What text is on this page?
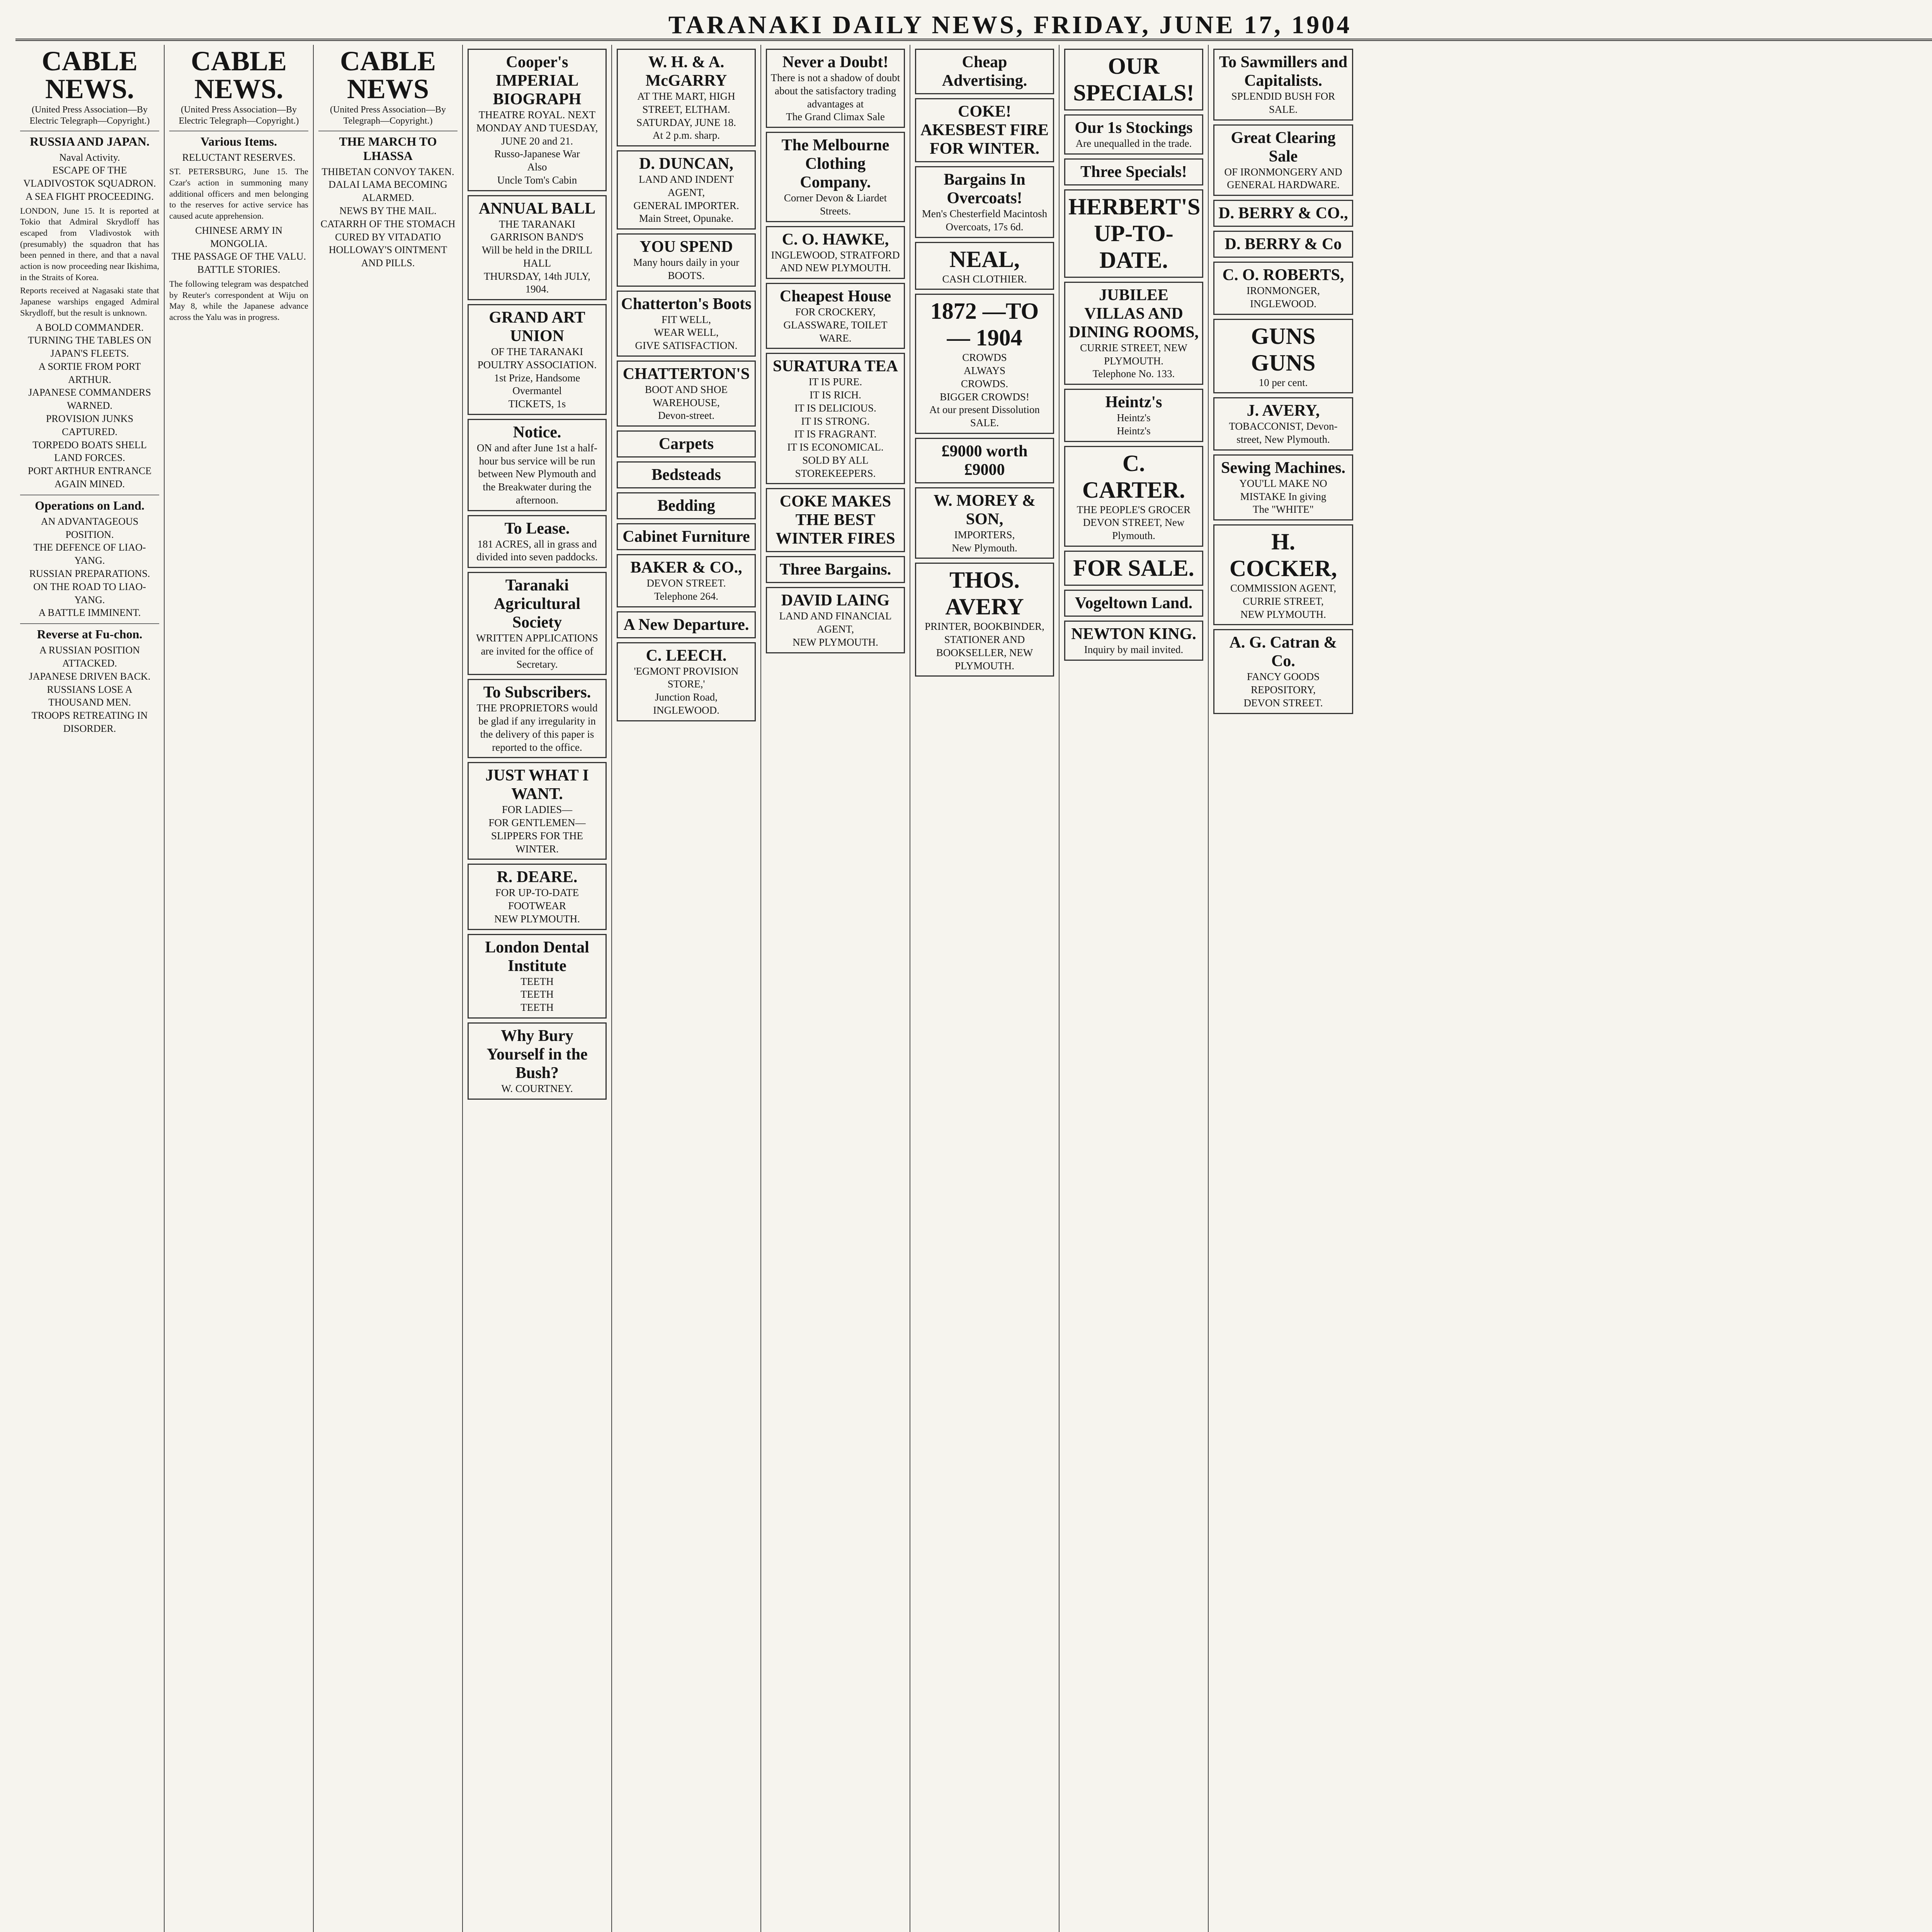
TARANAKI DAILY NEWS, FRIDAY, JUNE 17, 1904
CABLE NEWS.
(United Press Association—By Electric Telegraph—Copyright.)
RUSSIA AND JAPAN.
Naval Activity.
ESCAPE OF THE VLADIVOSTOK SQUADRON.
A SEA FIGHT PROCEEDING.
LONDON, June 15. It is reported at Tokio that Admiral Skrydloff has escaped from Vladivostok with (presumably) the squadron that has been penned in there, and that a naval action is now proceeding near Ikishima, in the Straits of Korea.
Reports received at Nagasaki state that Japanese warships engaged Admiral Skrydloff, but the result is unknown.
A BOLD COMMANDER.
TURNING THE TABLES ON JAPAN'S FLEETS.
A SORTIE FROM PORT ARTHUR.
JAPANESE COMMANDERS WARNED.
PROVISION JUNKS CAPTURED.
TORPEDO BOATS SHELL LAND FORCES.
PORT ARTHUR ENTRANCE AGAIN MINED.
Operations on Land.
AN ADVANTAGEOUS POSITION.
THE DEFENCE OF LIAO-YANG.
RUSSIAN PREPARATIONS.
ON THE ROAD TO LIAO-YANG.
A BATTLE IMMINENT.
Reverse at Fu-chon.
A RUSSIAN POSITION ATTACKED.
JAPANESE DRIVEN BACK.
RUSSIANS LOSE A THOUSAND MEN.
TROOPS RETREATING IN DISORDER.
CABLE NEWS.
(United Press Association—By Electric Telegraph—Copyright.)
Various Items.
RELUCTANT RESERVES.
ST. PETERSBURG, June 15. The Czar's action in summoning many additional officers and men belonging to the reserves for active service has caused acute apprehension.
CHINESE ARMY IN MONGOLIA.
THE PASSAGE OF THE VALU.
BATTLE STORIES.
The following telegram was despatched by Reuter's correspondent at Wiju on May 8, while the Japanese advance across the Yalu was in progress.
CABLE NEWS
(United Press Association—By Telegraph—Copyright.)
THE MARCH TO LHASSA
THIBETAN CONVOY TAKEN.
DALAI LAMA BECOMING ALARMED.
NEWS BY THE MAIL.
CATARRH OF THE STOMACH CURED BY VITADATIO
HOLLOWAY'S OINTMENT AND PILLS.
Cooper's IMPERIAL BIOGRAPH
THEATRE ROYAL. NEXT MONDAY AND TUESDAY, JUNE 20 and 21.
Russo-Japanese War
Also
Uncle Tom's Cabin
ANNUAL BALL
THE TARANAKI GARRISON BAND'S
Will be held in the DRILL HALL
THURSDAY, 14th JULY, 1904.
GRAND ART UNION
OF THE TARANAKI POULTRY ASSOCIATION.
1st Prize, Handsome Overmantel
TICKETS, 1s
Notice.
ON and after June 1st a half-hour bus service will be run between New Plymouth and the Breakwater during the afternoon.
To Lease.
181 ACRES, all in grass and divided into seven paddocks.
Taranaki Agricultural Society
WRITTEN APPLICATIONS are invited for the office of Secretary.
To Subscribers.
THE PROPRIETORS would be glad if any irregularity in the delivery of this paper is reported to the office.
JUST WHAT I WANT.
FOR LADIES—
FOR GENTLEMEN—
SLIPPERS FOR THE WINTER.
R. DEARE.
FOR UP-TO-DATE FOOTWEAR
NEW PLYMOUTH.
London Dental Institute
TEETH
TEETH
TEETH
Why Bury Yourself in the Bush?
W. COURTNEY.
W. H. & A. McGARRY
AT THE MART, HIGH STREET, ELTHAM.
SATURDAY, JUNE 18.
At 2 p.m. sharp.
D. DUNCAN,
LAND AND INDENT AGENT,
GENERAL IMPORTER.
Main Street, Opunake.
YOU SPEND
Many hours daily in your BOOTS.
Chatterton's Boots
FIT WELL,
WEAR WELL,
GIVE SATISFACTION.
CHATTERTON'S
BOOT AND SHOE WAREHOUSE,
Devon-street.
Carpets
Bedsteads
Bedding
Cabinet Furniture
BAKER & CO.,
DEVON STREET.
Telephone 264.
A New Departure.
C. LEECH.
'EGMONT PROVISION STORE,'
Junction Road, INGLEWOOD.
Never a Doubt!
There is not a shadow of doubt about the satisfactory trading advantages at
The Grand Climax Sale
The Melbourne Clothing Company.
Corner Devon & Liardet Streets.
C. O. HAWKE,
INGLEWOOD, STRATFORD AND NEW PLYMOUTH.
Cheapest House
FOR CROCKERY, GLASSWARE, TOILET WARE.
SURATURA TEA
IT IS PURE.
IT IS RICH.
IT IS DELICIOUS.
IT IS STRONG.
IT IS FRAGRANT.
IT IS ECONOMICAL.
SOLD BY ALL STOREKEEPERS.
COKE MAKES THE BEST WINTER FIRES
Three Bargains.
DAVID LAING
LAND AND FINANCIAL AGENT,
NEW PLYMOUTH.
Cheap Advertising.
COKE! AKESBEST FIRE FOR WINTER.
Bargains In Overcoats!
Men's Chesterfield Macintosh Overcoats, 17s 6d.
NEAL,
CASH CLOTHIER.
1872 —TO— 1904
CROWDS
ALWAYS
CROWDS.
BIGGER CROWDS!
At our present Dissolution SALE.
£9000 worth £9000
W. MOREY & SON,
IMPORTERS,
New Plymouth.
THOS. AVERY
PRINTER, BOOKBINDER, STATIONER AND BOOKSELLER, NEW PLYMOUTH.
OUR SPECIALS!
Our 1s Stockings
Are unequalled in the trade.
Three Specials!
HERBERT'S UP-TO-DATE.
JUBILEE VILLAS AND DINING ROOMS,
CURRIE STREET, NEW PLYMOUTH.
Telephone No. 133.
Heintz's
Heintz's
Heintz's
C. CARTER.
THE PEOPLE'S GROCER
DEVON STREET, New Plymouth.
FOR SALE.
Vogeltown Land.
NEWTON KING.
Inquiry by mail invited.
To Sawmillers and Capitalists.
SPLENDID BUSH FOR SALE.
Great Clearing Sale
OF IRONMONGERY AND GENERAL HARDWARE.
D. BERRY & CO.,
D. BERRY & Co
C. O. ROBERTS,
IRONMONGER, INGLEWOOD.
GUNS GUNS
10 per cent.
J. AVERY,
TOBACCONIST, Devon-street, New Plymouth.
Sewing Machines.
YOU'LL MAKE NO MISTAKE In giving
The "WHITE"
H. COCKER,
COMMISSION AGENT,
CURRIE STREET,
NEW PLYMOUTH.
A. G. Catran & Co.
FANCY GOODS REPOSITORY,
DEVON STREET.
